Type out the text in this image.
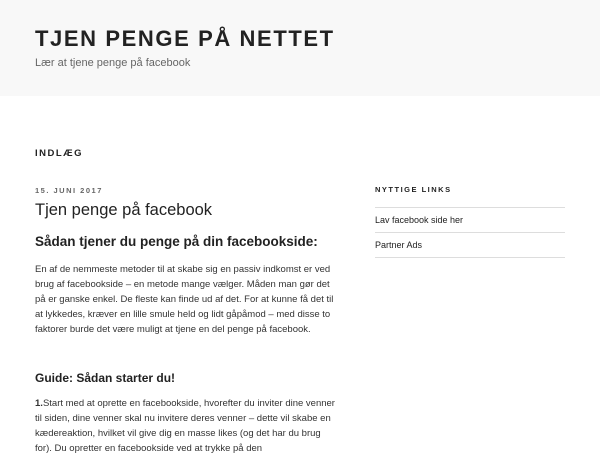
TJEN PENGE PÅ NETTET
Lær at tjene penge på facebook
INDLÆG
15. JUNI 2017
Tjen penge på facebook
Sådan tjener du penge på din facebookside:
En af de nemmeste metoder til at skabe sig en passiv indkomst er ved brug af facebookside – en metode mange vælger. Måden man gør det på er ganske enkel. De fleste kan finde ud af det. For at kunne få det til at lykkedes, kræver en lille smule held og lidt gåpåmod – med disse to faktorer burde det være muligt at tjene en del penge på facebook.
Guide: Sådan starter du!
1.Start med at oprette en facebookside, hvorefter du inviter dine venner til siden, dine venner skal nu invitere deres venner – dette vil skabe en kædereaktion, hvilket vil give dig en masse likes (og det har du brug for). Du opretter en facebookside ved at trykke på den
NYTTIGE LINKS
Lav facebook side her
Partner Ads
